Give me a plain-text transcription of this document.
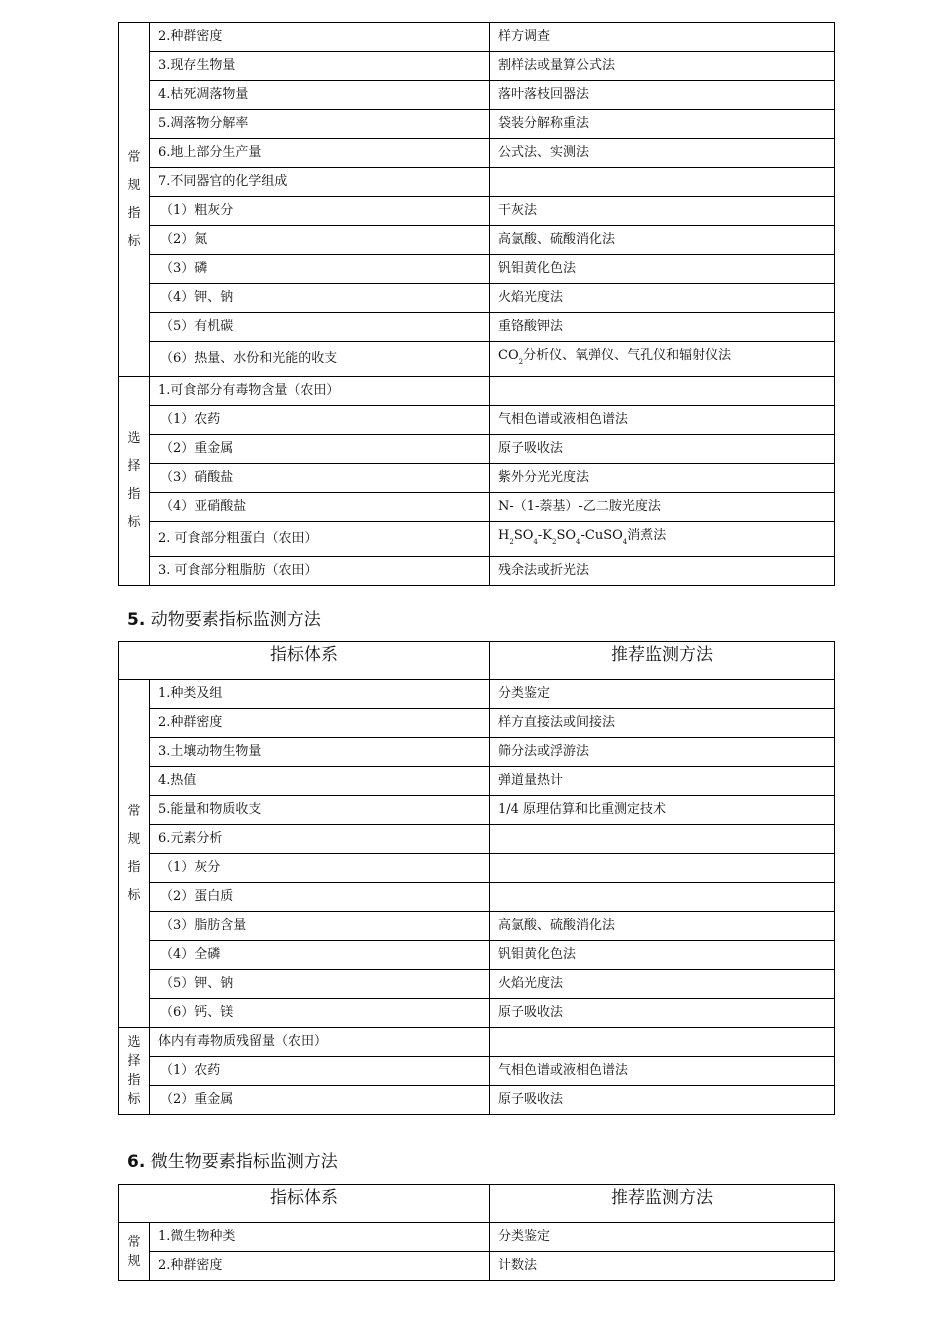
常
规
指
标	2.种群密度	样方调查
	3.现存生物量	割样法或量算公式法
	4.枯死凋落物量	落叶落枝回器法
	5.凋落物分解率	袋装分解称重法
	6.地上部分生产量	公式法、实测法
	7.不同器官的化学组成	
	（1）粗灰分	干灰法
	（2）氮	高氯酸、硫酸消化法
	（3）磷	钒钼黄化色法
	（4）钾、钠	火焰光度法
	（5）有机碳	重铬酸钾法
	（6）热量、水份和光能的收支	$CO_2$分析仪、氧弹仪、气孔仪和辐射仪法
选
择
指
标	1.可食部分有毒物含量（农田）	
	（1）农药	气相色谱或液相色谱法
	（2）重金属	原子吸收法
	（3）硝酸盐	紫外分光光度法
	（4）亚硝酸盐	N-（1-萘基）-乙二胺光度法
	2. 可食部分粗蛋白（农田）	$H_2SO_4-K_2SO_4-CuSO_4$消煮法
	3. 可食部分粗脂肪（农田）	残余法或折光法
5. 动物要素指标监测方法
指标体系		推荐监测方法
常
规
指
标	1.种类及组	分类鉴定
	2.种群密度	样方直接法或间接法
	3.土壤动物生物量	筛分法或浮游法
	4.热值	弹道量热计
	5.能量和物质收支	1/4 原理估算和比重测定技术
	6.元素分析	
	（1）灰分	
	（2）蛋白质	
	（3）脂肪含量	高氯酸、硫酸消化法
	（4）全磷	钒钼黄化色法
	（5）钾、钠	火焰光度法
	（6）钙、镁	原子吸收法
选
择
指
标	体内有毒物质残留量（农田）	
	（1）农药	气相色谱或液相色谱法
	（2）重金属	原子吸收法
6. 微生物要素指标监测方法
指标体系		推荐监测方法
常
规	1.微生物种类	分类鉴定
	2.种群密度	计数法
